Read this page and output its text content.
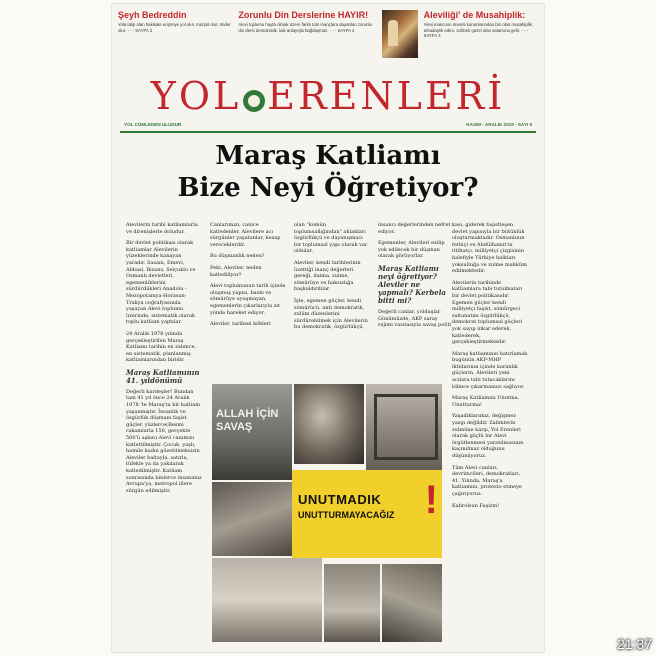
Şeyh Bedreddin

Yola talip olan hakikate erişmiye yol olur, mürşid olur, önder olur. - - - SAYFA 3

Zorunlu Din Derslerine HAYIR!

Alevi toplumu hayta olmak üzere farklı tüm inançlara dayatılan zorunlu din dersi demokratik, laik anlayışla bağdaşmaz. - - - SAYFA 2

Aleviliği' de Musahiplik:

Alevi inancının önemli kurumlarından biri olan musahiplik, arkadaşlık eden, sohbeti güzel olan anlamına gelir. - - - SAYFA 3

YOL ERENLERİ
YOL CÜMLEDEN ULUDUR	KASIM - ARALIK 2019 - SAYI 5
Maraş Katliamı
Bize Neyi Öğretiyor?

Alevilerin tarihi katliamlarla ve direnişlerle doludur.

Bir devlet politikası olarak katliamlar Alevilerin yüzeklerinde kanayan yaradır. Sasani, Emevi, Abbasi, Bizans, Selçuklu ve Osmanlı devletleri, egemenliklerini sürdürdükleri Anadolu -Mezopotamya-Horasan-Trakya coğrafyasında yaşayan Alevi toplumu üzerinde, sistematik olarak toplu katliam yaptılar.

24 Aralık 1978 yılında gerçekleştirilen Maraş Katliamı tarihin en zalımce, en sistematik, planlanmış katliamlarından biridir.

Maraş Katliamının 41. yıldönümü

Değerli kardeşler! Bundan tam 41 yıl önce 24 Aralık 1978 'te Maraş'ta bir katliam yaşanmıştır. İnsanlık ve özgürlük düşmanı faşist güçler, yüzlerce(Resmi rakamlarla 150, gerçekte 500'ü aşkın) Alevi canımızı katlettilmiştir. Çocuk, yaşlı, hamile kadın gözetilmeksizin Aleviler baltayla, satırla, tüfekle ya da yakılarak katledilmiştir. Katliam sonrasında binlerce insanımız Avrupa'ya, metropol illere sürgün edilmiştir.

Canlarımızı, canice katledenler, Alevilere acı sürgünler yaşatanlar, hesap vereceklerdir.

Bu düşmanlık neden?

Peki, Aleviler, neden katlediliyor?

Alevi toplumunun tarih içinde oluşmuş yapısı, baskı ve sömürüye uyuşmayan, egemenlerin çıkarlarıyla zıt yönde hareket ediyor.

Aleviler, tarihsel kökleri

olan "komün toplumsallığından" ahlakları özgürlükçü ve dayanışmacı bir toplumsal yapı olarak var oldular.

Aleviler, kendi tarihlerinin üzettiği inanç değerleri gereği, daima, zulme, sömürüye ve haksızlığa başkaldırdılar.

İşte, egemen güçler, kendi sömürücü, anti demokratik, zulüm düzenlerini sürdürebilmek için Alevilerin bu demokratik, özgürlükçü,

insancı değerlerinden nefret ediyor.

Egemenler, Alevileri ezilip yok edilecek bir düşman olarak görüyorlar.

Maraş Katliamı neyi öğretiyor? Aleviler ne yapmalı? Kerbela bitti mi?

Değerli canlar, yolduşlar Günümüzde, AKP saray rejimi vasıtasıyla savaş politi

kası, giderek faşistleşen devlet yapısıyla bir bütünlük oluşturmaktadır. Osmanlının fethiçi ve Abdülhamit'in ittihatçı, milliyetçi çizgisinin halefiyle Türkiye halkları yoksulluğa ve zulme mahkûm edilmektedir.

Alevilerin tarihinde katliamlara tabi tutulmaları bir devlet politikasıdır. Egemen güçler kendi milliyetçi faşist, sömürgeci saltanatını özgürlükçü, demokrat toplumsal güçleri yok sayıp inkar ederek, katlederek, gerçekleştirmektedir.

Maraş katliamının hatırlamak bugünün AKP-MHP iktidarının içinde karanlık güçlerin, Alevileri yeni acılara tabi tutacaklarını bilince çıkarmamızı sağlıyor.

Maraş Katliamını Unutma, Unutturma!

Yaşadıklarımız, değişmez yazgı değildir. Zalimlerin zulmüne karşı, Yol Erenleri olarak güçlü bir Alevi örgütlenmesi yaratılmasının kaçınılmaz olduğunu düşünüyoruz.

Tüm Alevi canları, devrimcileri, demokratları, 41. Yılında, Maraş'a katliamını, protesto etmeye çağırıyoruz.

Kahrolsun Faşizm!

ALLAH İÇİN SAVAŞ
UNUTMADIK
UNUTTURMAYACAĞIZ !
21:37
